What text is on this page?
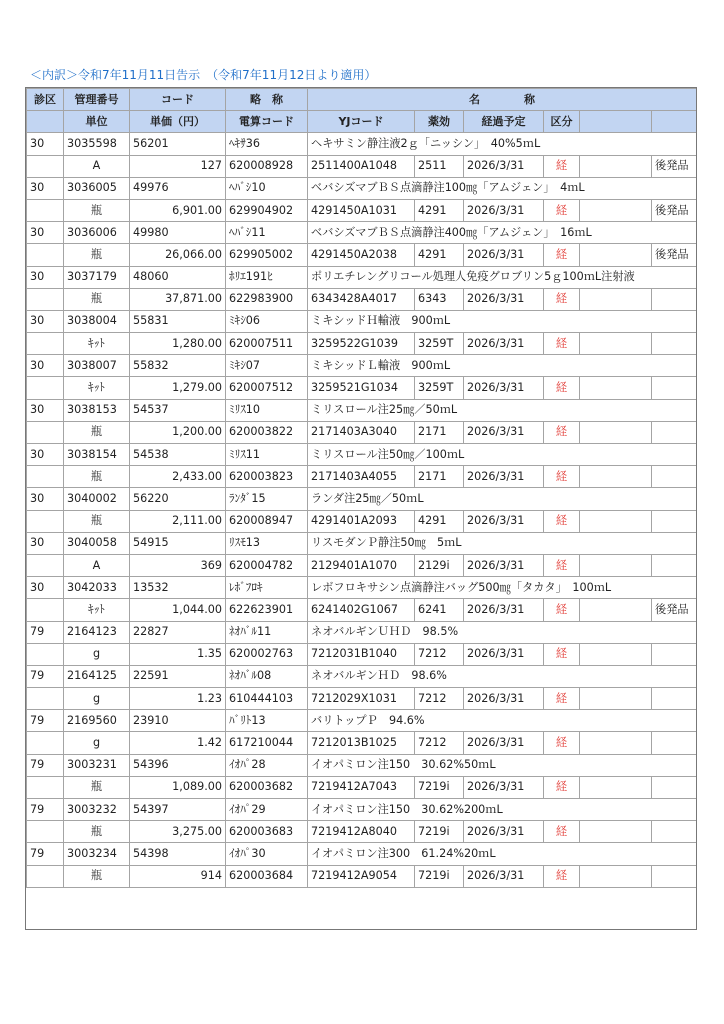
＜内訳＞令和7年11月11日告示　（令和7年11月12日より適用）
診区	管理番号	コード	略　称	名　　　　称					
	単位	単価（円）	電算コード	YJコード	薬効	経過予定	区分		
30	3035598	56201	ﾍｷｻ36	ヘキサミン静注液2ｇ「ニッシン」　40%5ｍL					
	A	127	620008928	2511400A1048	2511	2026/3/31	経		後発品
30	3036005	49976	ﾍﾊﾞｼ10	ベバシズマブＢＳ点滴静注100㎎「アムジェン」　4ｍL					
	瓶	6,901.00	629904902	4291450A1031	4291	2026/3/31	経		後発品
30	3036006	49980	ﾍﾊﾞｼ11	ベバシズマブＢＳ点滴静注400㎎「アムジェン」　16ｍL					
	瓶	26,066.00	629905002	4291450A2038	4291	2026/3/31	経		後発品
30	3037179	48060	ﾎﾘｴ191ﾋ	ポリエチレングリコール処理人免疫グロブリン5ｇ100ｍL注射液					
	瓶	37,871.00	622983900	6343428A4017	6343	2026/3/31	経		
30	3038004	55831	ﾐｷｼ06	ミキシッドＨ輸液　900ｍL					
	ｷｯﾄ	1,280.00	620007511	3259522G1039	3259T	2026/3/31	経		
30	3038007	55832	ﾐｷｼ07	ミキシッドＬ輸液　900ｍL					
	ｷｯﾄ	1,279.00	620007512	3259521G1034	3259T	2026/3/31	経		
30	3038153	54537	ﾐﾘｽ10	ミリスロール注25㎎／50ｍL					
	瓶	1,200.00	620003822	2171403A3040	2171	2026/3/31	経		
30	3038154	54538	ﾐﾘｽ11	ミリスロール注50㎎／100ｍL					
	瓶	2,433.00	620003823	2171403A4055	2171	2026/3/31	経		
30	3040002	56220	ﾗﾝﾀﾞ15	ランダ注25㎎／50ｍL					
	瓶	2,111.00	620008947	4291401A2093	4291	2026/3/31	経		
30	3040058	54915	ﾘｽﾓ13	リスモダンＰ静注50㎎　5ｍL					
	A	369	620004782	2129401A1070	2129i	2026/3/31	経		
30	3042033	13532	ﾚﾎﾞﾌﾛｷ	レボフロキサシン点滴静注バッグ500㎎「タカタ」　100ｍL					
	ｷｯﾄ	1,044.00	622623901	6241402G1067	6241	2026/3/31	経		後発品
79	2164123	22827	ﾈｵﾊﾞﾙ11	ネオバルギンＵＨＤ　98.5%					
	g	1.35	620002763	7212031B1040	7212	2026/3/31	経		
79	2164125	22591	ﾈｵﾊﾞﾙ08	ネオバルギンＨＤ　98.6%					
	g	1.23	610444103	7212029X1031	7212	2026/3/31	経		
79	2169560	23910	ﾊﾞﾘﾄ13	バリトップＰ　94.6%					
	g	1.42	617210044	7212013B1025	7212	2026/3/31	経		
79	3003231	54396	ｲｵﾊﾟ28	イオパミロン注150　30.62%50ｍL					
	瓶	1,089.00	620003682	7219412A7043	7219i	2026/3/31	経		
79	3003232	54397	ｲｵﾊﾟ29	イオパミロン注150　30.62%200ｍL					
	瓶	3,275.00	620003683	7219412A8040	7219i	2026/3/31	経		
79	3003234	54398	ｲｵﾊﾟ30	イオパミロン注300　61.24%20ｍL					
	瓶	914	620003684	7219412A9054	7219i	2026/3/31	経		
